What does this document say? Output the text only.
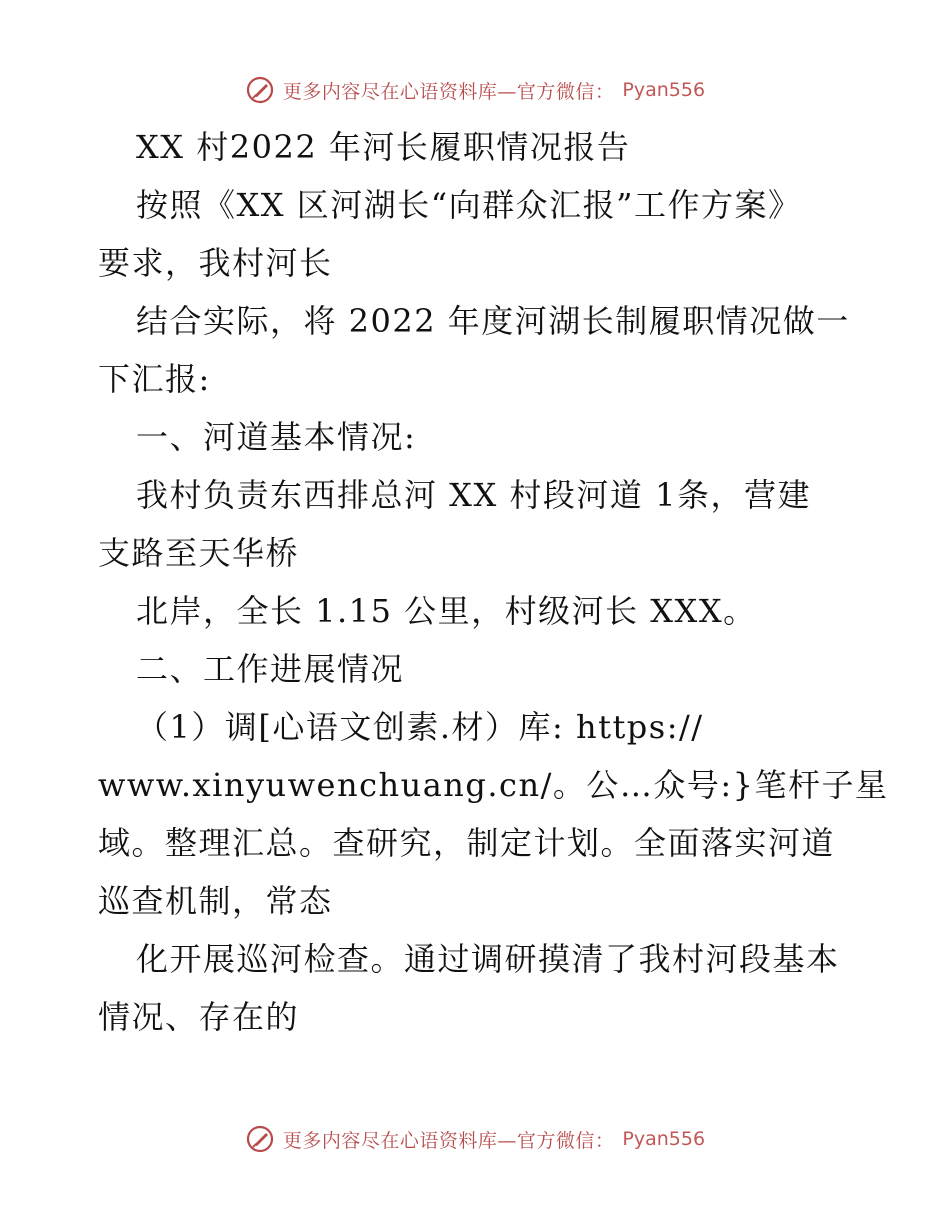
更多内容尽在心语资料库—官方微信： Pyan556
XX 村2022 年河长履职情况报告
按照《XX 区河湖长“向群众汇报”工作方案》
要求，我村河长
结合实际，将 2022 年度河湖长制履职情况做一
下汇报:
一、河道基本情况:
我村负责东西排总河 XX 村段河道 1条，营建
支路至天华桥
北岸，全长 1.15 公里，村级河长 XXX。
二、工作进展情况
（1）调[心语文创素.材）库: https://
www.xinyuwenchuang.cn/。公…众号:}笔杆子星
域。整理汇总。查研究，制定计划。全面落实河道
巡查机制，常态
化开展巡河检查。通过调研摸清了我村河段基本
情况、存在的
更多内容尽在心语资料库—官方微信： Pyan556
